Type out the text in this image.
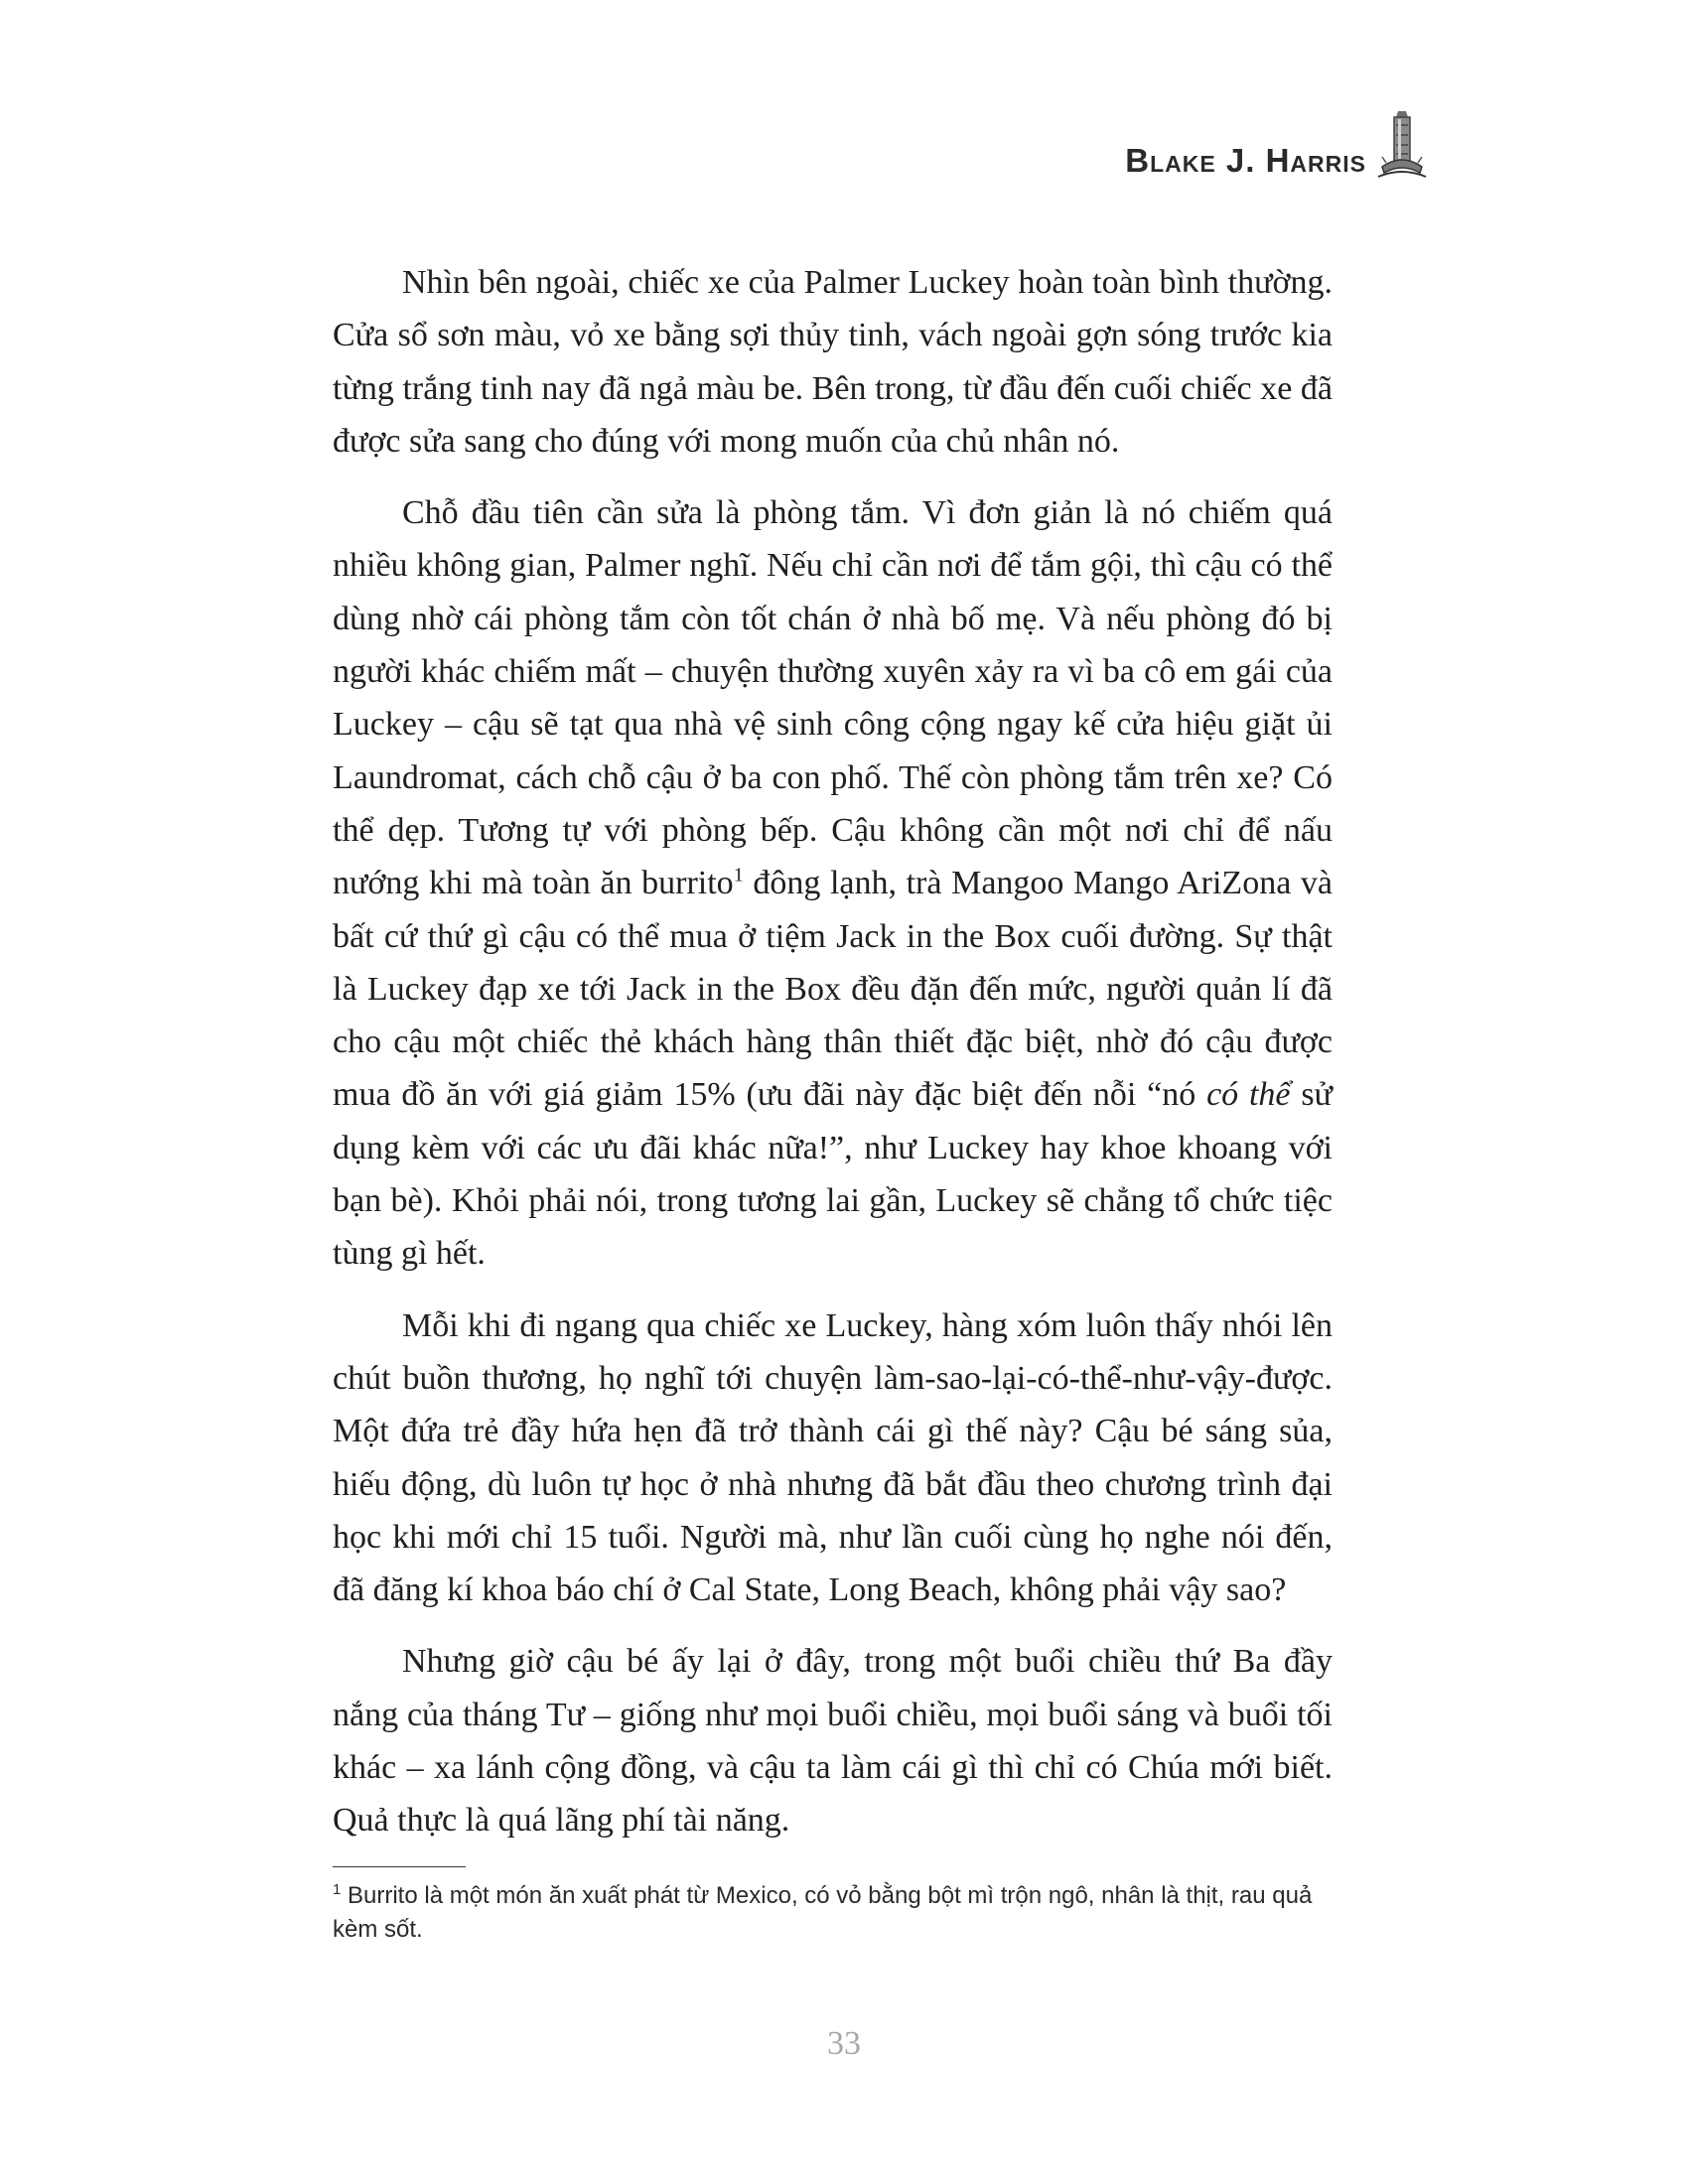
Blake J. Harris

Nhìn bên ngoài, chiếc xe của Palmer Luckey hoàn toàn bình thường. Cửa sổ sơn màu, vỏ xe bằng sợi thủy tinh, vách ngoài gợn sóng trước kia từng trắng tinh nay đã ngả màu be. Bên trong, từ đầu đến cuối chiếc xe đã được sửa sang cho đúng với mong muốn của chủ nhân nó.

Chỗ đầu tiên cần sửa là phòng tắm. Vì đơn giản là nó chiếm quá nhiều không gian, Palmer nghĩ. Nếu chỉ cần nơi để tắm gội, thì cậu có thể dùng nhờ cái phòng tắm còn tốt chán ở nhà bố mẹ. Và nếu phòng đó bị người khác chiếm mất – chuyện thường xuyên xảy ra vì ba cô em gái của Luckey – cậu sẽ tạt qua nhà vệ sinh công cộng ngay kế cửa hiệu giặt ủi Laundromat, cách chỗ cậu ở ba con phố. Thế còn phòng tắm trên xe? Có thể dẹp. Tương tự với phòng bếp. Cậu không cần một nơi chỉ để nấu nướng khi mà toàn ăn burrito$^1$ đông lạnh, trà Mangoo Mango AriZona và bất cứ thứ gì cậu có thể mua ở tiệm Jack in the Box cuối đường. Sự thật là Luckey đạp xe tới Jack in the Box đều đặn đến mức, người quản lí đã cho cậu một chiếc thẻ khách hàng thân thiết đặc biệt, nhờ đó cậu được mua đồ ăn với giá giảm 15% (ưu đãi này đặc biệt đến nỗi “nó có thể sử dụng kèm với các ưu đãi khác nữa!”, như Luckey hay khoe khoang với bạn bè). Khỏi phải nói, trong tương lai gần, Luckey sẽ chẳng tổ chức tiệc tùng gì hết.

Mỗi khi đi ngang qua chiếc xe Luckey, hàng xóm luôn thấy nhói lên chút buồn thương, họ nghĩ tới chuyện làm-sao-lại-có-thể-như-vậy-được. Một đứa trẻ đầy hứa hẹn đã trở thành cái gì thế này? Cậu bé sáng sủa, hiếu động, dù luôn tự học ở nhà nhưng đã bắt đầu theo chương trình đại học khi mới chỉ 15 tuổi. Người mà, như lần cuối cùng họ nghe nói đến, đã đăng kí khoa báo chí ở Cal State, Long Beach, không phải vậy sao?

Nhưng giờ cậu bé ấy lại ở đây, trong một buổi chiều thứ Ba đầy nắng của tháng Tư – giống như mọi buổi chiều, mọi buổi sáng và buổi tối khác – xa lánh cộng đồng, và cậu ta làm cái gì thì chỉ có Chúa mới biết. Quả thực là quá lãng phí tài năng.

$^1$ Burrito là một món ăn xuất phát từ Mexico, có vỏ bằng bột mì trộn ngô, nhân là thịt, rau quả kèm sốt.
33
